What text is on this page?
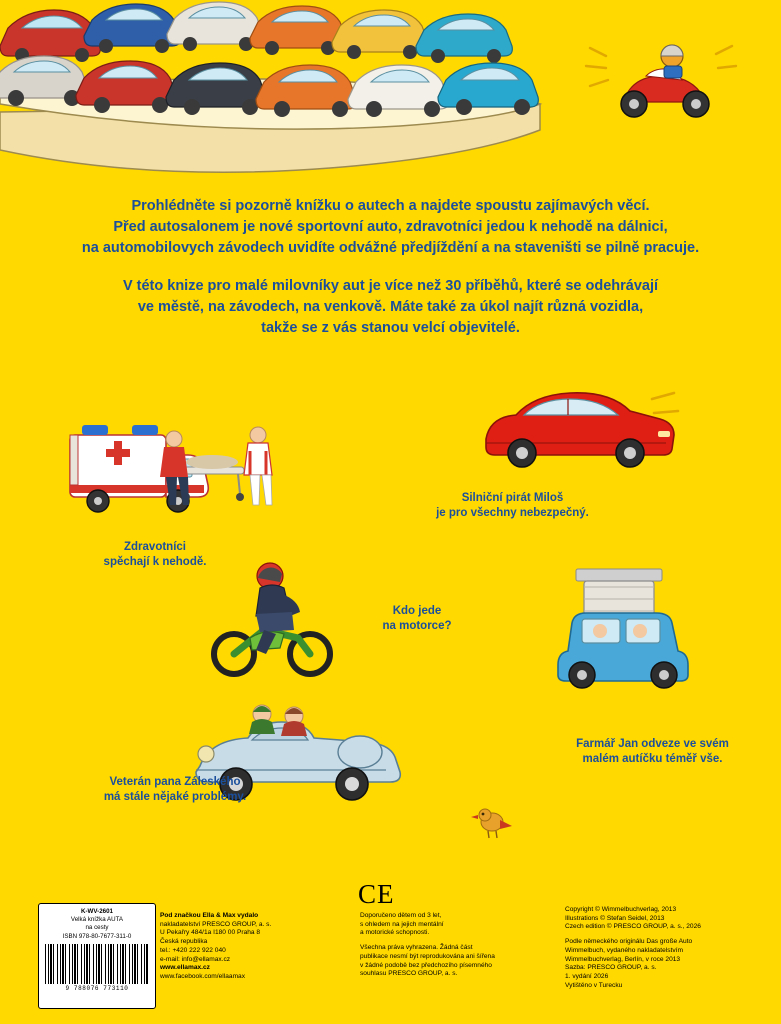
Prohlédněte si pozorně knížku o autech a najdete spoustu zajímavých věcí.
Před autosalonem je nové sportovní auto, zdravotníci jedou k nehodě na dálnici,
na automobilovych závodech uvidíte odvážné předjíždění a na staveništi se pilně pracuje.
V této knize pro malé milovníky aut je více než 30 příběhů, které se odehrávají
ve městě, na závodech, na venkově. Máte také za úkol najít různá vozidla,
takže se z vás stanou velcí objevitelé.
Zdravotníci
spěchají k nehodě.
Silniční pirát Miloš
je pro všechny nebezpečný.
Kdo jede
na motorce?
Farmář Jan odveze ve svém
malém autíčku téměř vše.
Veterán pana Záleského
má stále nějaké problémy.
K-WV-2601
Velká knížka AUTA
na cesty
ISBN 978-80-7677-311-0
9 788076 773110
CE
Pod značkou Ella & Max vydalo
nakladatelství PRESCO GROUP, a. s.
U Pekařry 484/1a I180 00 Praha 8
Česká republika
tel.: +420 222 922 040
e-mail: info@ellamax.cz
www.ellamax.cz
www.facebook.com/ellaamax
Doporučeno dětem od 3 let,
s ohledem na jejich mentální
a motorické schopnosti.
Všechna práva vyhrazena. Žádná část
publikace nesmí být reprodukována ani šířena
v žádné podobě bez předchozího písemného
souhlasu PRESCO GROUP, a. s.
Copyright © Wimmelbuchverlag, 2013
Illustrations © Stefan Seidel, 2013
Czech edition © PRESCO GROUP, a. s., 2026
Podle německého originálu Das große Auto
Wimmelbuch, vydaného nakladatelstvím
Wimmelbuchverlag, Berlín, v roce 2013
Sazba: PRESCO GROUP, a. s.
1. vydání 2026
Vytištěno v Turecku
